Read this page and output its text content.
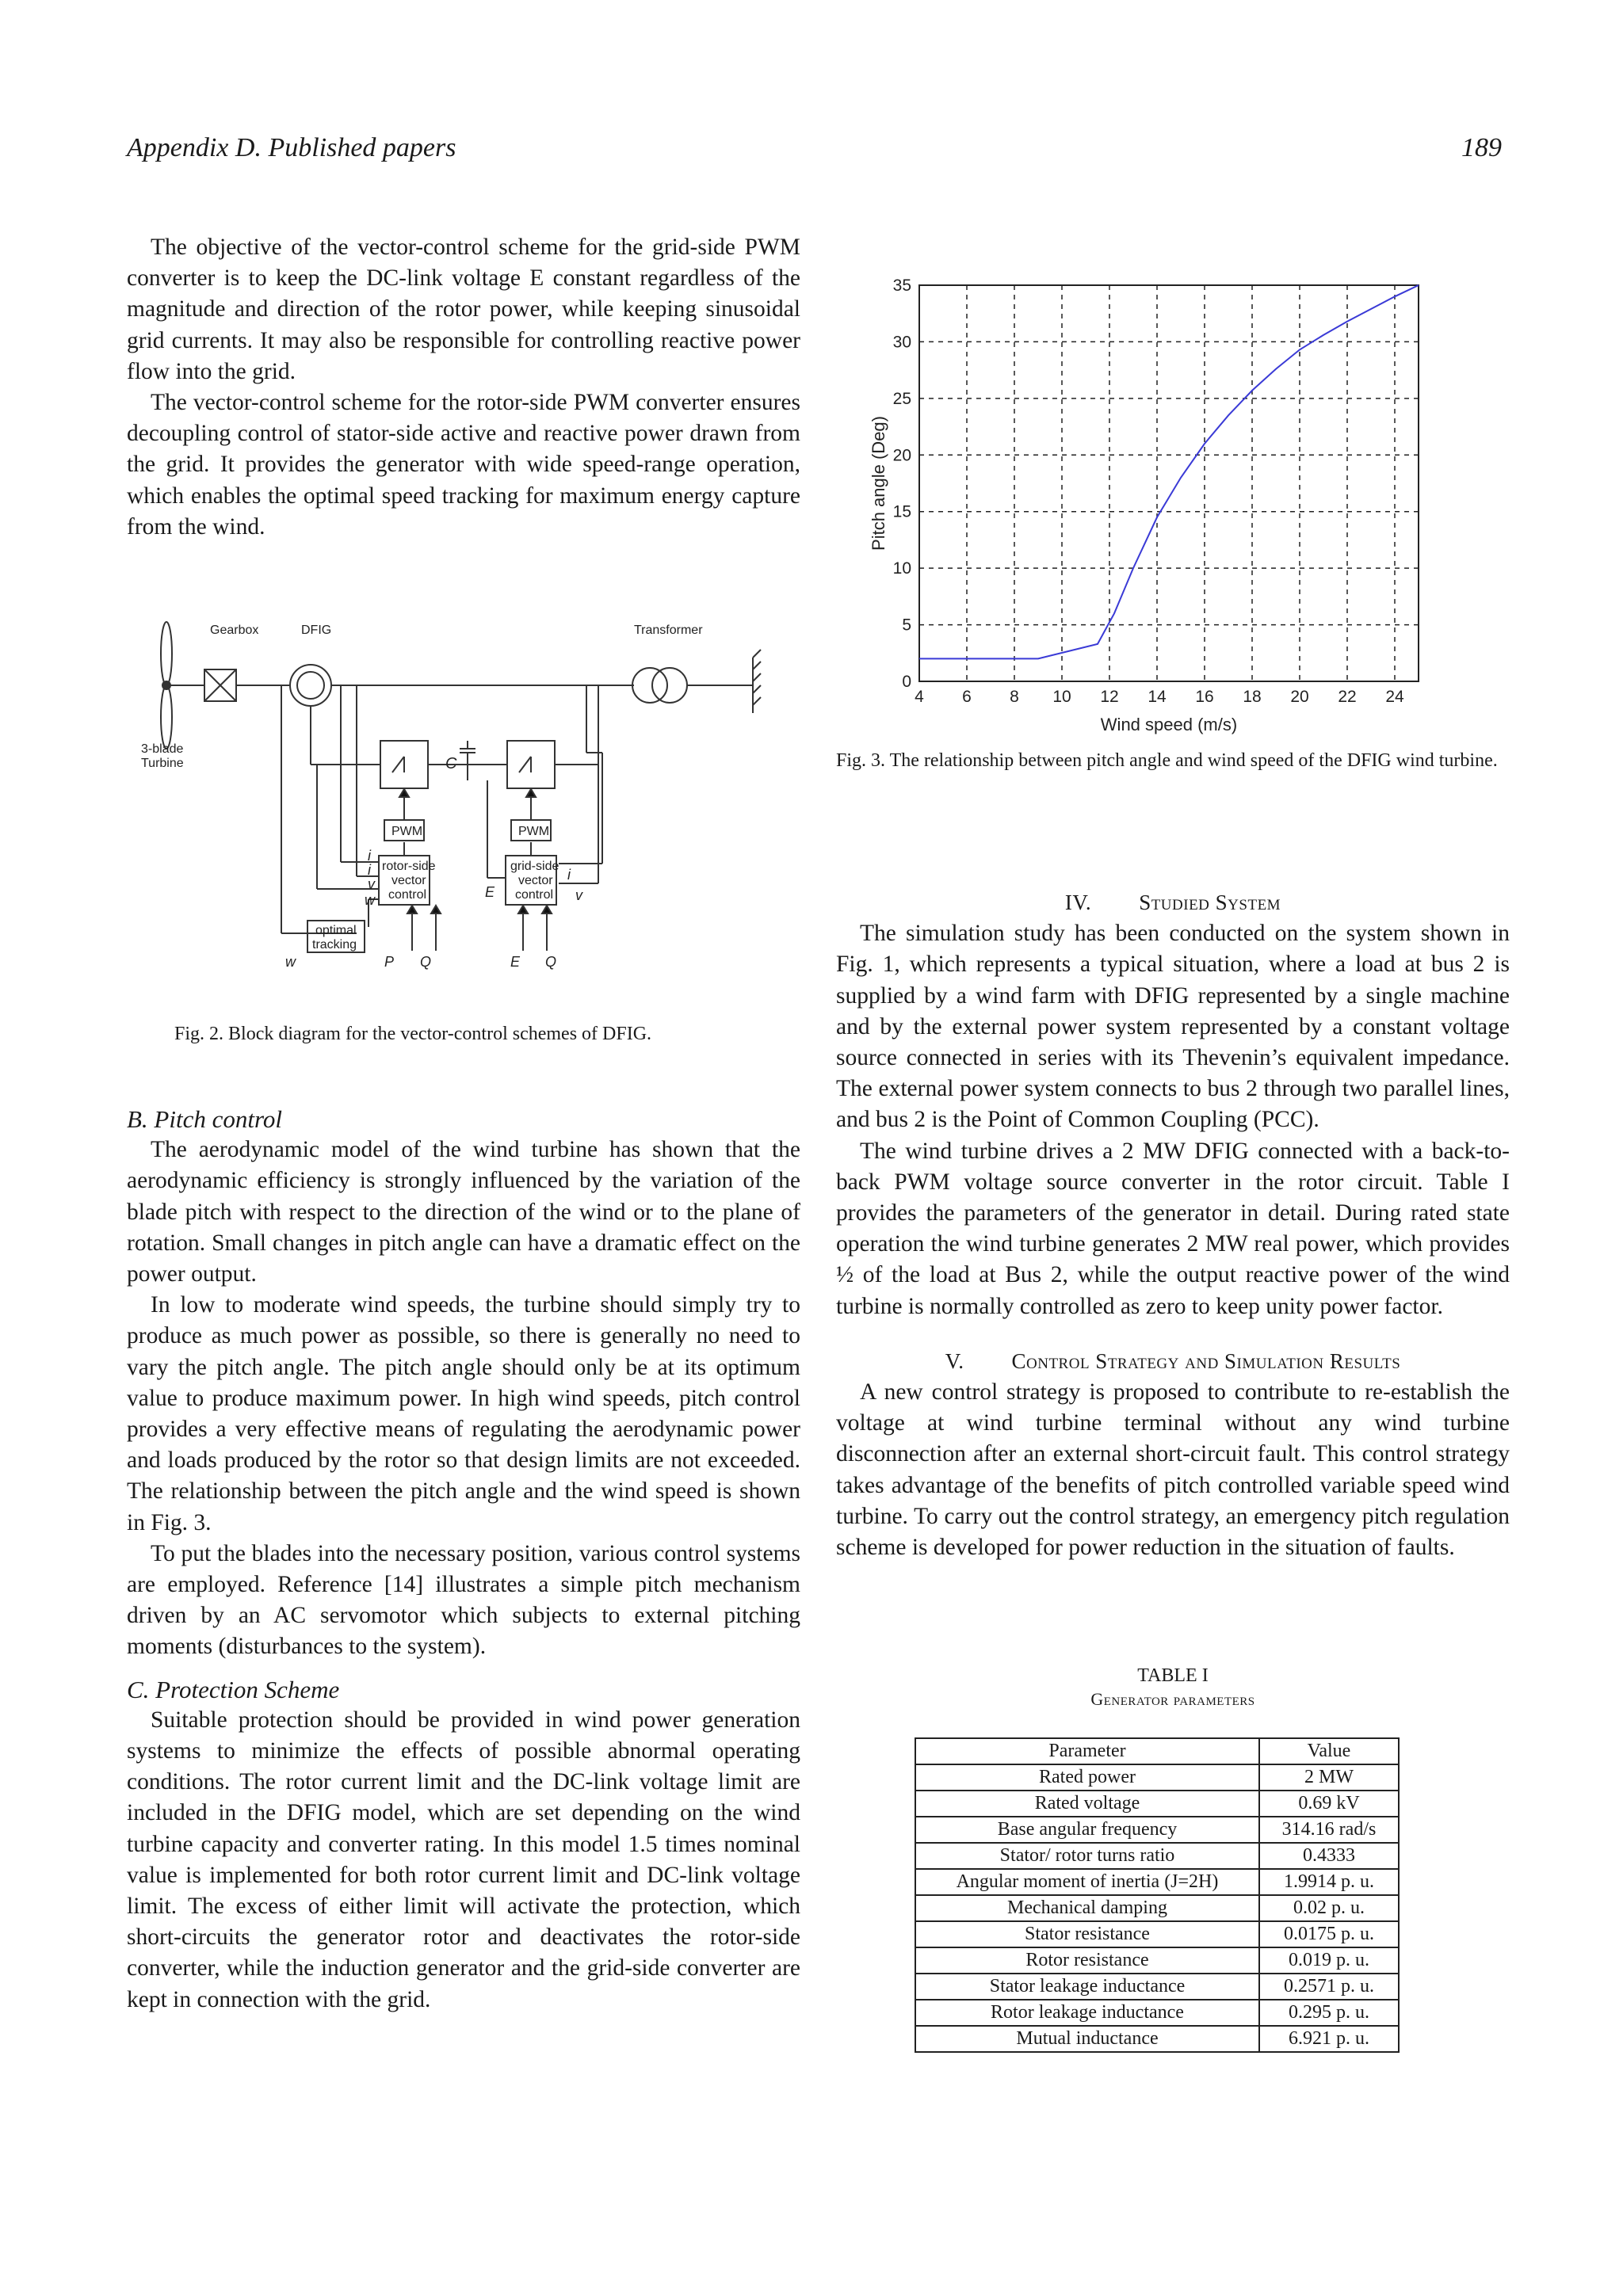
Appendix D. Published papers	189

The objective of the vector-control scheme for the grid-side PWM converter is to keep the DC-link voltage E constant regardless of the magnitude and direction of the rotor power, while keeping sinusoidal grid currents. It may also be responsible for controlling reactive power flow into the grid.

The vector-control scheme for the rotor-side PWM converter ensures decoupling control of stator-side active and reactive power drawn from the grid. It provides the generator with wide speed-range operation, which enables the optimal speed tracking for maximum energy capture from the wind.

Gearbox	DFIG	Transformer
3-blade
Turbine	C
PWM	PWM
rotor-side
vector
control
grid-side
vector
control
optimal
tracking
i
i
v
w
w
E
i
v
P Q	E Q
Fig. 2. Block diagram for the vector-control schemes of DFIG.

B. Pitch control

The aerodynamic model of the wind turbine has shown that the aerodynamic efficiency is strongly influenced by the variation of the blade pitch with respect to the direction of the wind or to the plane of rotation. Small changes in pitch angle can have a dramatic effect on the power output.

In low to moderate wind speeds, the turbine should simply try to produce as much power as possible, so there is generally no need to vary the pitch angle. The pitch angle should only be at its optimum value to produce maximum power. In high wind speeds, pitch control provides a very effective means of regulating the aerodynamic power and loads produced by the rotor so that design limits are not exceeded. The relationship between the pitch angle and the wind speed is shown in Fig. 3.

To put the blades into the necessary position, various control systems are employed. Reference [14] illustrates a simple pitch mechanism driven by an AC servomotor which subjects to external pitching moments (disturbances to the system).

C. Protection Scheme

Suitable protection should be provided in wind power generation systems to minimize the effects of possible abnormal operating conditions. The rotor current limit and the DC-link voltage limit are included in the DFIG model, which are set depending on the wind turbine capacity and converter rating. In this model 1.5 times nominal value is implemented for both rotor current limit and DC-link voltage limit. The excess of either limit will activate the protection, which short-circuits the generator rotor and deactivates the rotor-side converter, while the induction generator and the grid-side converter are kept in connection with the grid.

4 6 8 10 12 14 16 18 20 22 24
0
5
10
15
20
25
30
35
Wind speed (m/s)
Pitch angle (Deg)
Fig. 3. The relationship between pitch angle and wind speed of the DFIG wind turbine.

IV. Studied System

The simulation study has been conducted on the system shown in Fig. 1, which represents a typical situation, where a load at bus 2 is supplied by a wind farm with DFIG represented by a single machine and by the external power system represented by a constant voltage source connected in series with its Thevenin’s equivalent impedance. The external power system connects to bus 2 through two parallel lines, and bus 2 is the Point of Common Coupling (PCC).

The wind turbine drives a 2 MW DFIG connected with a back-to-back PWM voltage source converter in the rotor circuit. Table I provides the parameters of the generator in detail. During rated state operation the wind turbine generates 2 MW real power, which provides ½ of the load at Bus 2, while the output reactive power of the wind turbine is normally controlled as zero to keep unity power factor.

V. Control Strategy and Simulation Results

A new control strategy is proposed to contribute to re-establish the voltage at wind turbine terminal without any wind turbine disconnection after an external short-circuit fault. This control strategy takes advantage of the benefits of pitch controlled variable speed wind turbine. To carry out the control strategy, an emergency pitch regulation scheme is developed for power reduction in the situation of faults.

TABLE I
Generator parameters
Parameter	Value
Rated power	2 MW
Rated voltage	0.69 kV
Base angular frequency	314.16 rad/s
Stator/ rotor turns ratio	0.4333
Angular moment of inertia (J=2H)	1.9914 p. u.
Mechanical damping	0.02 p. u.
Stator resistance	0.0175 p. u.
Rotor resistance	0.019 p. u.
Stator leakage inductance	0.2571 p. u.
Rotor leakage inductance	0.295 p. u.
Mutual inductance	6.921 p. u.
